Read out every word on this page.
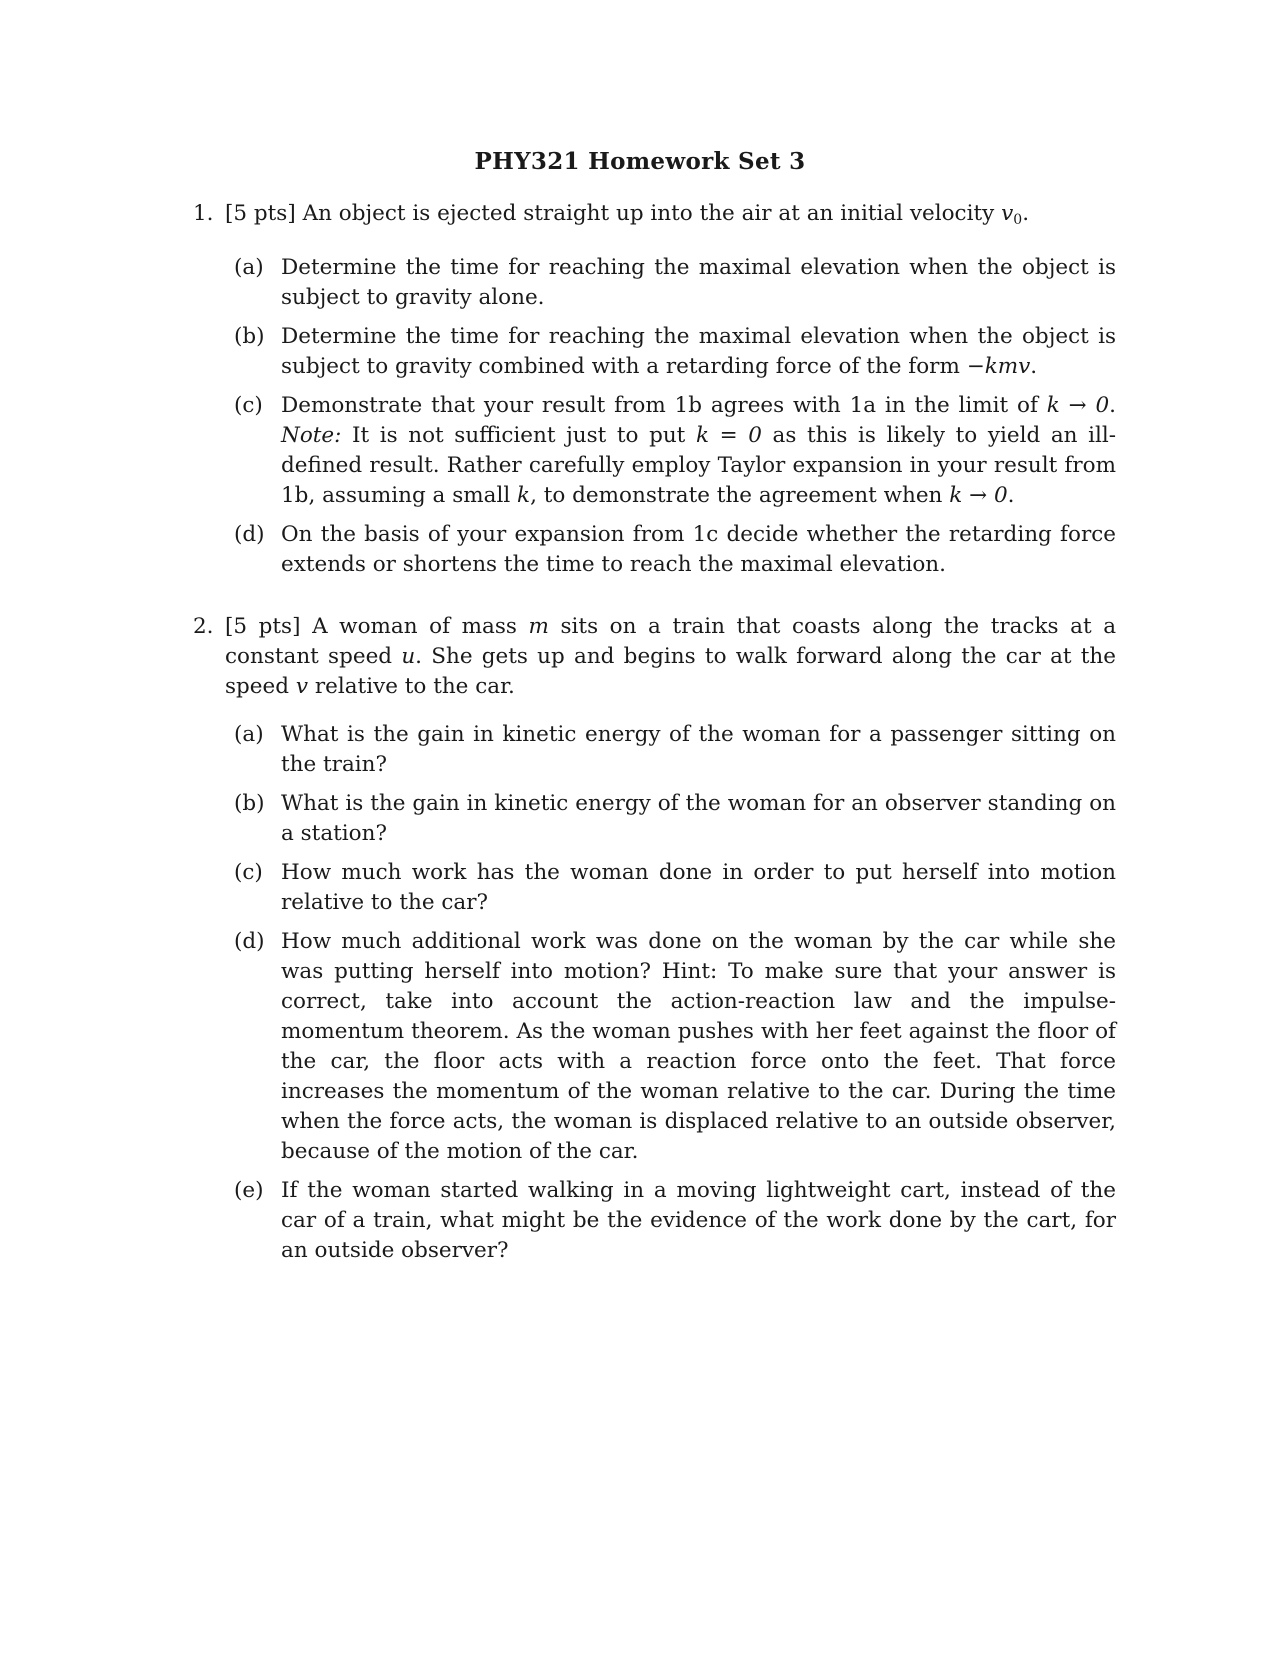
PHY321 Homework Set 3
1. [5 pts] An object is ejected straight up into the air at an initial velocity $v_0$.
(a) Determine the time for reaching the maximal elevation when the object is subject to gravity alone.
(b) Determine the time for reaching the maximal elevation when the object is subject to gravity combined with a retarding force of the form −kmv.
(c) Demonstrate that your result from 1b agrees with 1a in the limit of k → 0. Note: It is not sufficient just to put k = 0 as this is likely to yield an ill-defined result. Rather carefully employ Taylor expansion in your result from 1b, assuming a small k, to demonstrate the agreement when k → 0.
(d) On the basis of your expansion from 1c decide whether the retarding force extends or shortens the time to reach the maximal elevation.
2. [5 pts] A woman of mass m sits on a train that coasts along the tracks at a constant speed u. She gets up and begins to walk forward along the car at the speed v relative to the car.
(a) What is the gain in kinetic energy of the woman for a passenger sitting on the train?
(b) What is the gain in kinetic energy of the woman for an observer standing on a station?
(c) How much work has the woman done in order to put herself into motion relative to the car?
(d) How much additional work was done on the woman by the car while she was putting herself into motion? Hint: To make sure that your answer is correct, take into account the action-reaction law and the impulse-momentum theorem. As the woman pushes with her feet against the floor of the car, the floor acts with a reaction force onto the feet. That force increases the momentum of the woman relative to the car. During the time when the force acts, the woman is displaced relative to an outside observer, because of the motion of the car.
(e) If the woman started walking in a moving lightweight cart, instead of the car of a train, what might be the evidence of the work done by the cart, for an outside observer?
